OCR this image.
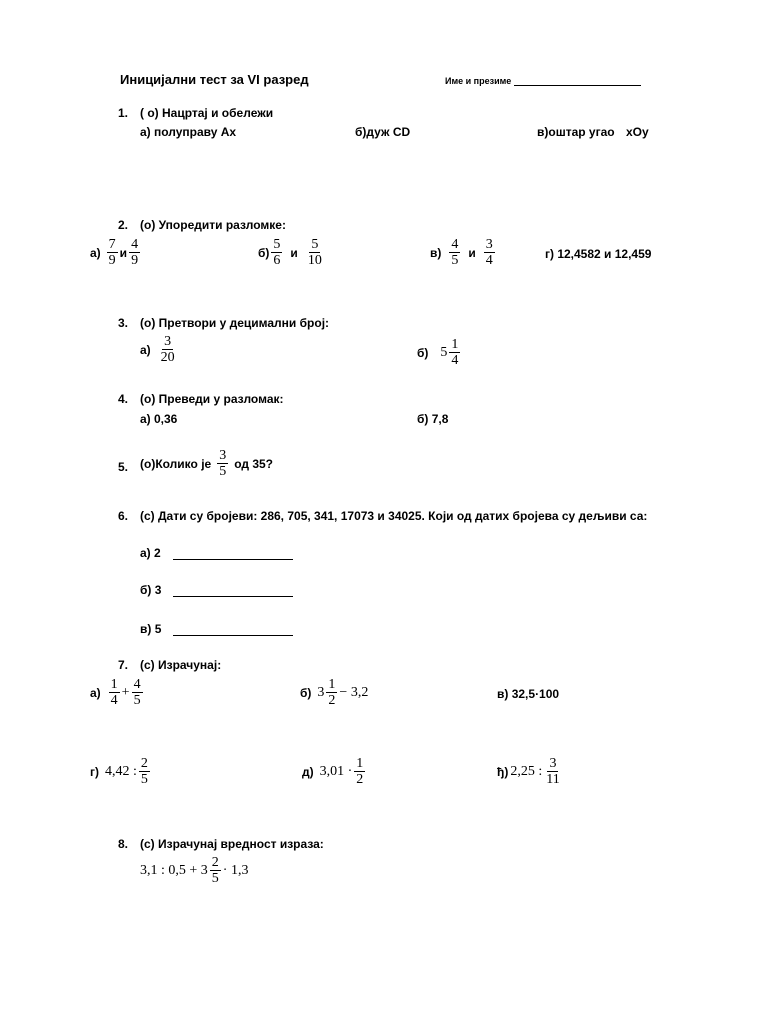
Иницијални тест за VI разред	Име и презиме
1. ( о) Нацртај и обележи
а) полуправу Ах	б)дуж CD	в)оштар угао хОу
2. (о) Упоредити разломке:
$а) \frac{7}{9}$ и $\frac{4}{9}$	$б) \frac{5}{6}$ и $\frac{5}{10}$	$в) \frac{4}{5}$ и $\frac{3}{4}$	г) 12,4582 и 12,459
3. (о) Претвори у децимални број:
$а) \frac{3}{20}$	б) $5 \frac{1}{4}$
4. (о) Преведи у разломак:
а) 0,36	б) 7,8
5. (о)Колико је $\frac{3}{5}$ од 35?
6. (с) Дати су бројеви: 286, 705, 341, 17073 и 34025. Који од датих бројева су дељиви са:
а) 2
б) 3
в) 5
7. (с) Израчунај:
$а) \frac{1}{4} + \frac{4}{5}$	б) $3 \frac{1}{2} - 3,2$	в) 32,5·100
г) 4,42 : $\frac{2}{5}$	д) $3,01 \cdot \frac{1}{2}$	ђ) 2,25 : $\frac{3}{11}$
8. (с) Израчунај вредност израза:
3,1 : $0,5 + 3 \frac{2}{5} \cdot 1,3$
